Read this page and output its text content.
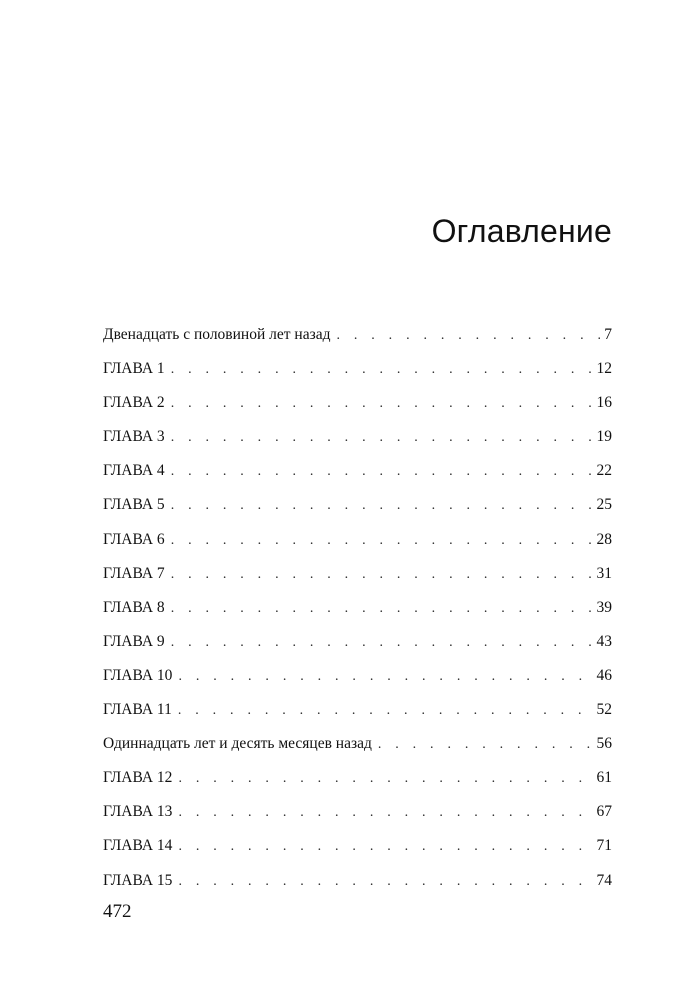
Оглавление
Двенадцать с половиной лет назад . . .	7
ГЛАВА 1 . . .	12
ГЛАВА 2 . . .	16
ГЛАВА 3 . . .	19
ГЛАВА 4 . . .	22
ГЛАВА 5 . . .	25
ГЛАВА 6 . . .	28
ГЛАВА 7 . . .	31
ГЛАВА 8 . . .	39
ГЛАВА 9 . . .	43
ГЛАВА 10 . . .	46
ГЛАВА 11 . . .	52
Одиннадцать лет и десять месяцев назад . . .	56
ГЛАВА 12 . . .	61
ГЛАВА 13 . . .	67
ГЛАВА 14 . . .	71
ГЛАВА 15 . . .	74
472
